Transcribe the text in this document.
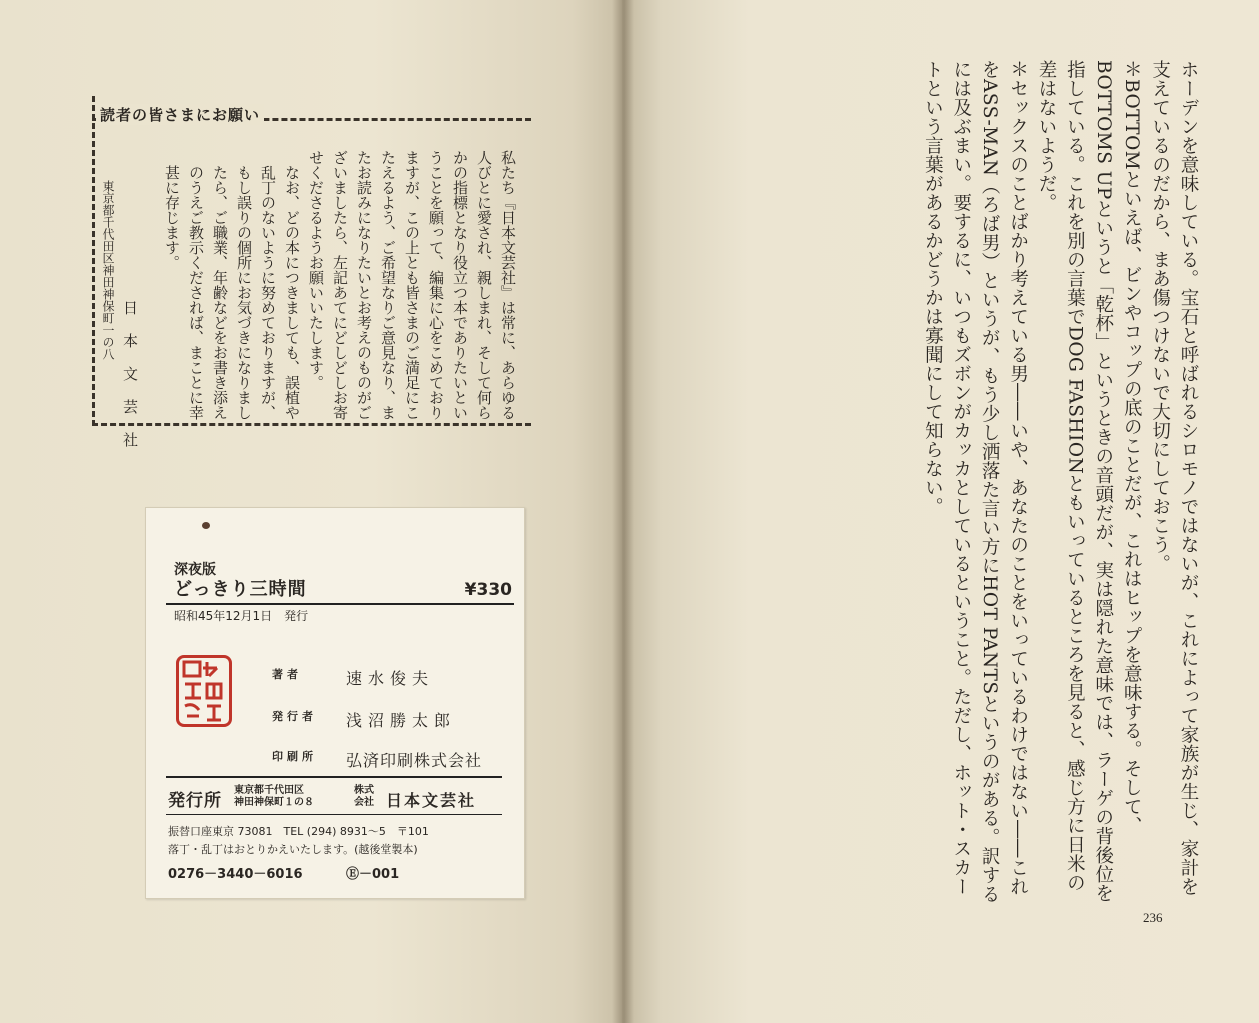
読者の皆さまにお願い

私たち『日本文芸社』は常に、あらゆる人びとに愛され、親しまれ、そして何らかの指標となり役立つ本でありたいということを願って、編集に心をこめておりますが、この上とも皆さまのご満足にこたえるよう、ご希望なりご意見なり、またお読みになりたいとお考えのものがございましたら、左記あてにどしどしお寄せくださるようお願いいたします。

なお、どの本につきましても、誤植や乱丁のないように努めておりますが、もし誤りの個所にお気づきになりましたら、ご職業、年齢などをお書き添えのうえご教示くだされば、まことに幸甚に存じます。

東京都千代田区神田神保町一の八
日本文芸社
深夜版
どっきり三時間	¥330
昭和45年12月1日　発行
著者	速水俊夫
発行者	浅沼勝太郎
印刷所	弘済印刷株式会社
発行所
東京都千代田区
神田神保町１の８
株式
会社 日本文芸社
振替口座東京 73081　TEL (294) 8931～5　〒101
落丁・乱丁はおとりかえいたします。(越後堂製本)
0276－3440－6016	Ⓔ－001	ホーデンを意味している。宝石と呼ばれるシロモノではないが、これによって家族が生じ、家計を支えているのだから、まあ傷つけないで大切にしておこう。

＊BOTTOMといえば、ビンやコップの底のことだが、これはヒップを意味する。そして、BOTTOMS UPというと「乾杯」というときの音頭だが、実は隠れた意味では、ラーゲの背後位を指している。これを別の言葉でDOG FASHIONともいっているところを見ると、感じ方に日米の差はないようだ。

＊セックスのことばかり考えている男――いや、あなたのことをいっているわけではない――これをASS-MAN（ろば男）というが、もう少し洒落た言い方にHOT PANTSというのがある。訳するには及ぶまい。要するに、いつもズボンがカッカとしているということ。ただし、ホット・スカートという言葉があるかどうかは寡聞にして知らない。

236
